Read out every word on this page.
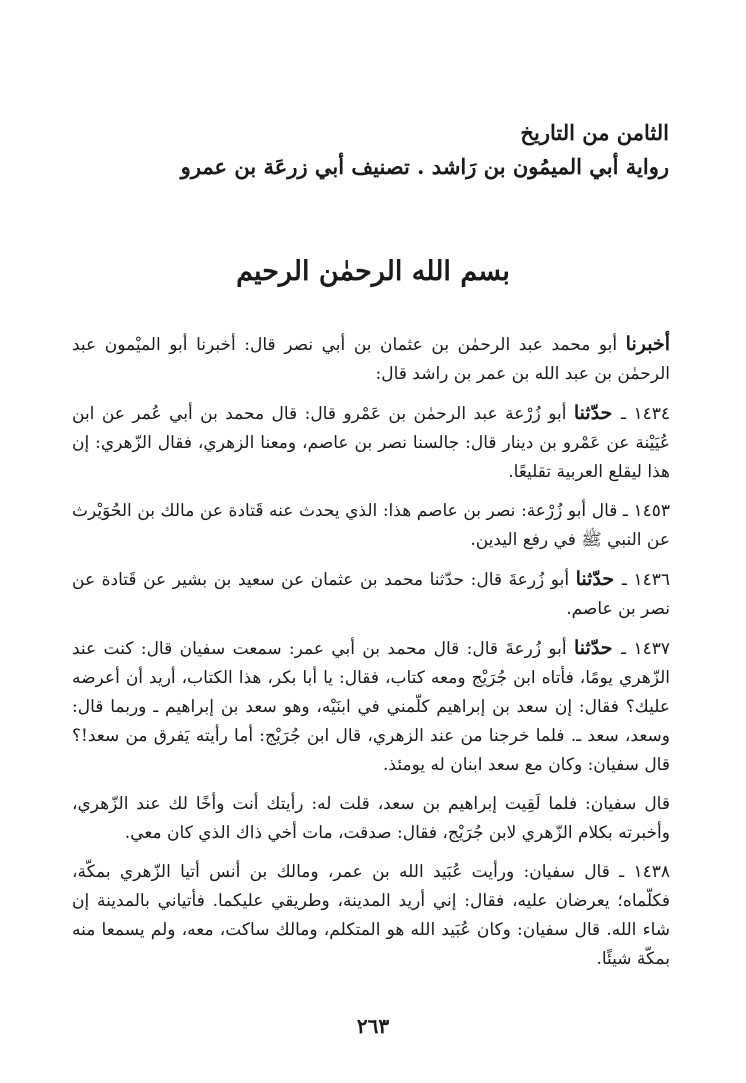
الثامن من التاريخ
رواية أبي الميمُون بن رَاشد . تصنيف أبي زرعَة بن عمرو
بسم الله الرحمٰن الرحيم

أخبرنا أبو محمد عبد الرحمٰن بن عثمان بن أبي نصر قال: أخبرنا أبو الميْمون عبد الرحمٰن بن عبد الله بن عمر بن راشد قال:

١٤٣٤ ـ حدّثنا أبو زُرْعة عبد الرحمٰن بن عَمْرو قال: قال محمد بن أبي عُمر عن ابن عُيَيْنة عن عَمْرو بن دينار قال: جالسنا نصر بن عاصم، ومعنا الزهري، فقال الزّهري: إن هذا ليقلع العربية تقليعًا.

١٤٥٣ ـ قال أبو زُرْعة: نصر بن عاصم هذا: الذي يحدث عنه قَتادة عن مالك بن الحُوَيْرث عن النبي ﷺ في رفع اليدين.

١٤٣٦ ـ حدّثنا أبو زُرعةَ قال: حدّثنا محمد بن عثمان عن سعيد بن بشير عن قَتادة عن نصر بن عاصم.

١٤٣٧ ـ حدّثنا أبو زُرعةَ قال: قال محمد بن أبي عمر: سمعت سفيان قال: كنت عند الزّهري يومًا، فأتاه ابن جُرَيْج ومعه كتاب، فقال: يا أبا بكر، هذا الكتاب، أريد أن أعرضه عليك؟ فقال: إن سعد بن إبراهيم كلّمني في ابنَيْه، وهو سعد بن إبراهيم ـ وربما قال: وسعد، سعد ـ. فلما خرجنا من عند الزهري، قال ابن جُرَيْج: أما رأيته يَفرق من سعد!؟ قال سفيان: وكان مع سعد ابنان له يومئذ.

قال سفيان: فلما لَقِيت إبراهيم بن سعد، قلت له: رأيتك أنت وأخًا لك عند الزّهري، وأخبرته بكلام الزّهري لابن جُرَيْج، فقال: صدقت، مات أخي ذاك الذي كان معي.

١٤٣٨ ـ قال سفيان: ورأيت عُبَيد الله بن عمر، ومالك بن أنس أتيا الزّهري بمكّة، فكلّماه؛ يعرضان عليه، فقال: إني أريد المدينة، وطريقي عليكما. فأتياني بالمدينة إن شاء الله. قال سفيان: وكان عُبَيد الله هو المتكلم، ومالك ساكت، معه، ولم يسمعا منه بمكّة شيئًا.

٢٦٣
